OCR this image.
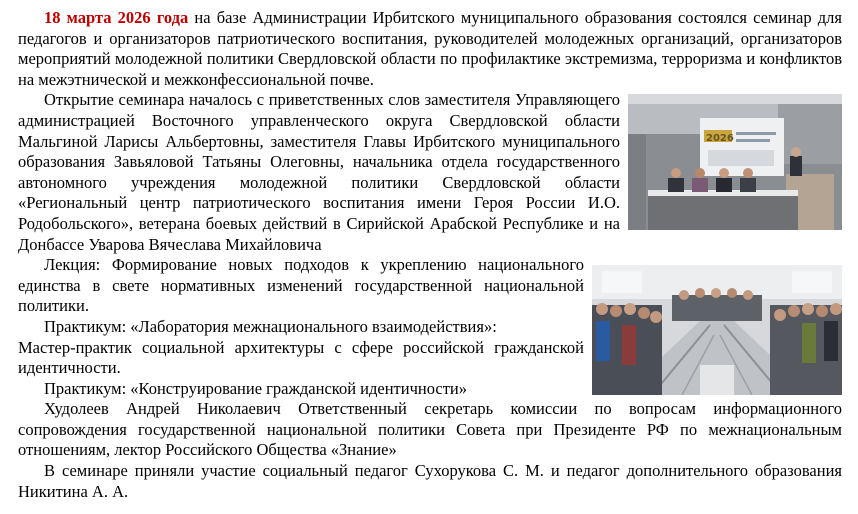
18 марта 2026 года на базе Администрации Ирбитского муниципального образования состоялся семинар для педагогов и организаторов патриотического воспитания, руководителей молодежных организаций, организаторов мероприятий молодежной политики Свердловской области по профилактике экстремизма, терроризма и конфликтов на межэтнической и межконфессиональной почве.

2026

Открытие семинара началось с приветственных слов заместителя Управляющего администрацией Восточного управленческого округа Свердловской области Мальгиной Ларисы Альбертовны, заместителя Главы Ирбитского муниципального образования Завьяловой Татьяны Олеговны, начальника отдела государственного автономного учреждения молодежной политики Свердловской области «Региональный центр патриотического воспитания имени Героя России И.О. Родобольского», ветерана боевых действий в Сирийской Арабской Республике и на Донбассе Уварова Вячеслава Михайловича

Лекция: Формирование новых подходов к укреплению национального единства в свете нормативных изменений государственной национальной политики.

Практикум: «Лаборатория межнационального взаимодействия»:

Мастер-практик социальной архитектуры с сфере российской гражданской идентичности.

Практикум: «Конструирование гражданской идентичности»

Худолеев Андрей Николаевич Ответственный секретарь комиссии по вопросам информационного сопровождения государственной национальной политики Совета при Президенте РФ по межнациональным отношениям, лектор Российского Общества «Знание»

В семинаре приняли участие социальный педагог Сухорукова С. М. и педагог дополнительного образования Никитина А. А.
